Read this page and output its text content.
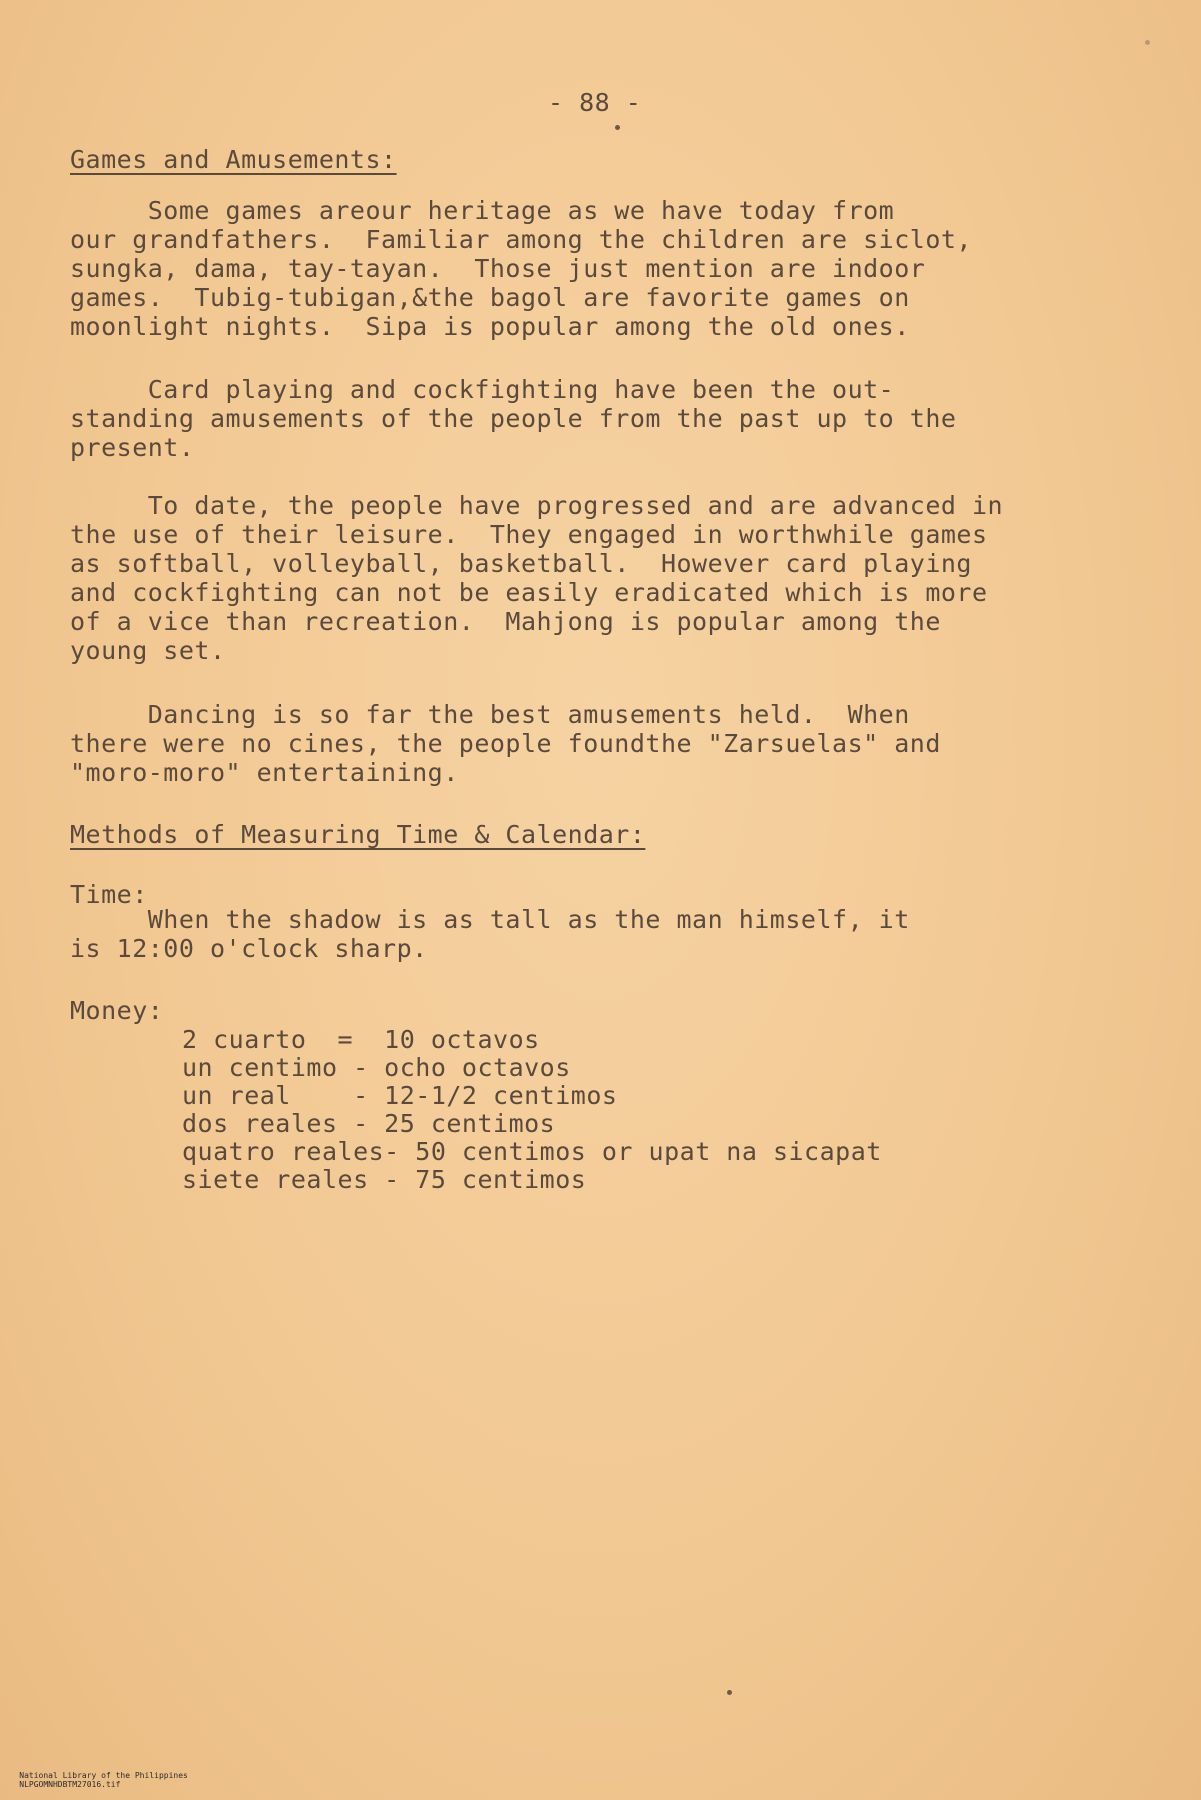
- 88 -

Games and Amusements:

Some games areour heritage as we have today from
our grandfathers.  Familiar among the children are siclot,
sungka, dama, tay-tayan.  Those just mention are indoor
games.  Tubig-tubigan,&the bagol are favorite games on
moonlight nights.  Sipa is popular among the old ones.

Card playing and cockfighting have been the out-
standing amusements of the people from the past up to the
present.

To date, the people have progressed and are advanced in
the use of their leisure.  They engaged in worthwhile games
as softball, volleyball, basketball.  However card playing
and cockfighting can not be easily eradicated which is more
of a vice than recreation.  Mahjong is popular among the
young set.

Dancing is so far the best amusements held.  When
there were no cines, the people foundthe "Zarsuelas" and
"moro-moro" entertaining.

Methods of Measuring Time & Calendar:

Time:

When the shadow is as tall as the man himself, it
is 12:00 o'clock sharp.

Money:

2 cuarto  =  10 octavos

un centimo - ocho octavos

un real    - 12-1/2 centimos

dos reales - 25 centimos

quatro reales- 50 centimos or upat na sicapat

siete reales - 75 centimos

National Library of the Philippines
NLPGOMNHDBTM27016.tif
